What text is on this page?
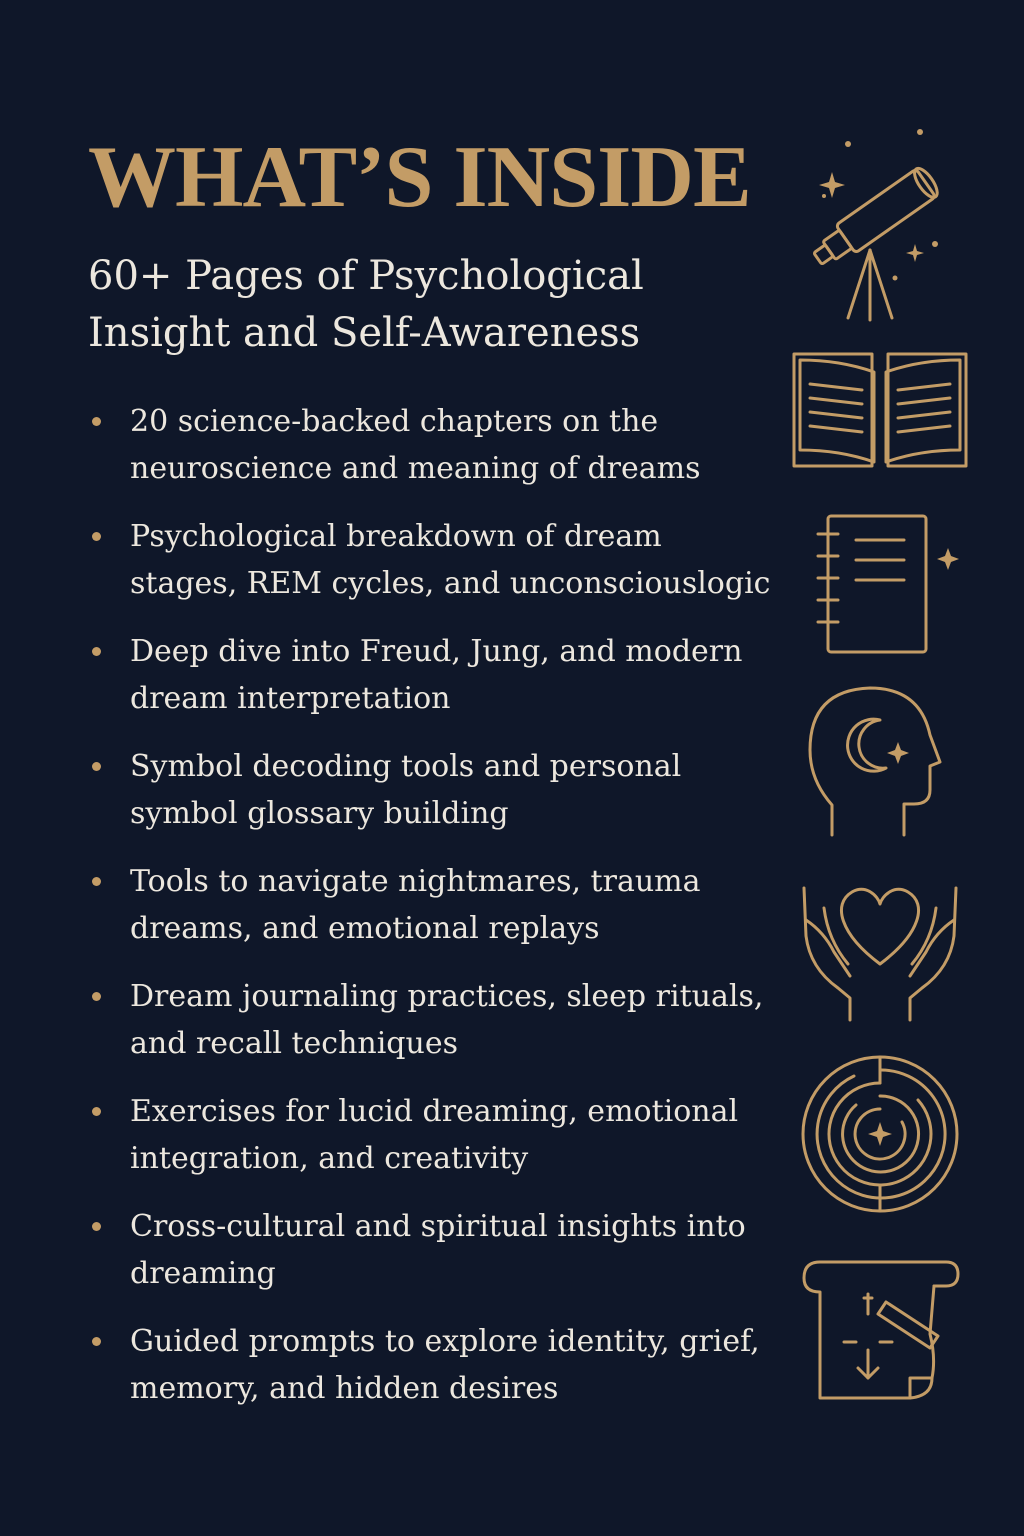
WHAT’S INSIDE
60+ Pages of Psychological Insight and Self-Awareness
20 science-backed chapters on the neuroscience and meaning of dreams
Psychological breakdown of dream stages, REM cycles, and unconsciouslogic
Deep dive into Freud, Jung, and modern dream interpretation
Symbol decoding tools and personal symbol glossary building
Tools to navigate nightmares, trauma dreams, and emotional replays
Dream journaling practices, sleep rituals, and recall techniques
Exercises for lucid dreaming, emotional integration, and creativity
Cross-cultural and spiritual insights into dreaming
Guided prompts to explore identity, grief, memory, and hidden desires
